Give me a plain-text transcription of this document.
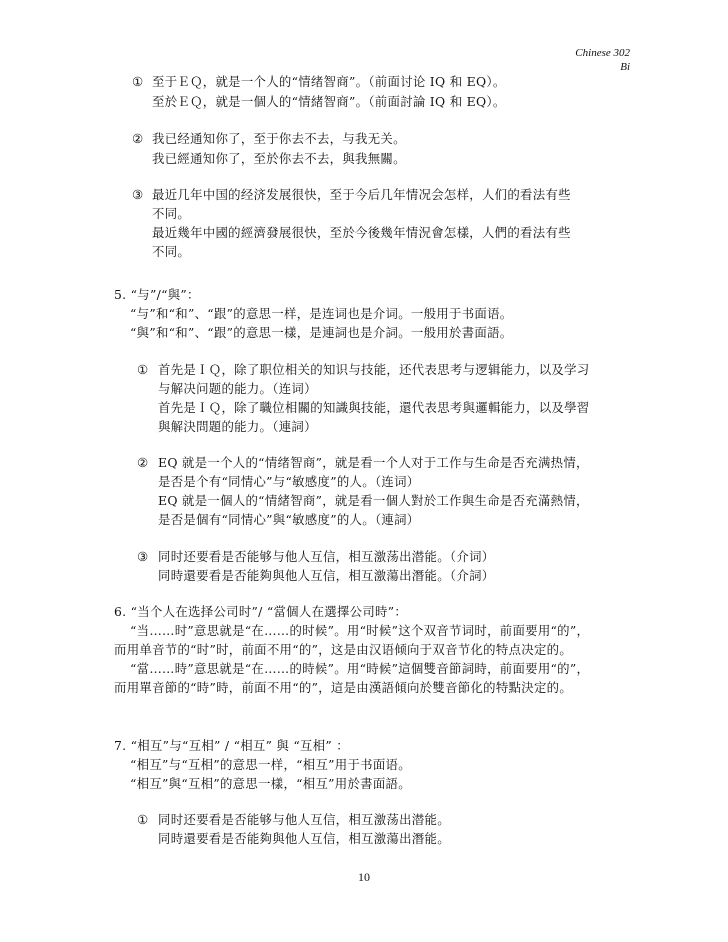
Chinese 302
Bi
① 至于ＥＱ，就是一个人的“情绪智商”。（前面讨论 IQ 和 EQ）。
至於ＥＱ，就是一個人的“情緒智商”。（前面討論 IQ 和 EQ）。
② 我已经通知你了，至于你去不去，与我无关。
我已經通知你了，至於你去不去，與我無關。
③ 最近几年中国的经济发展很快，至于今后几年情况会怎样，人们的看法有些
不同。
最近幾年中國的經濟發展很快，至於今後幾年情況會怎樣，人們的看法有些
不同。
5. “与”/“與”：
“与”和“和”、“跟”的意思一样，是连词也是介词。一般用于书面语。
“與”和“和”、“跟”的意思一樣，是連詞也是介詞。一般用於書面語。
① 首先是ＩＱ，除了职位相关的知识与技能，还代表思考与逻辑能力，以及学习
与解决问题的能力。（连词）
首先是ＩＱ，除了職位相關的知識與技能，還代表思考與邏輯能力，以及學習
與解決問題的能力。（連詞）
② EQ 就是一个人的“情绪智商”，就是看一个人对于工作与生命是否充满热情，
是否是个有“同情心”与“敏感度”的人。（连词）
EQ 就是一個人的“情緒智商”，就是看一個人對於工作與生命是否充滿熱情，
是否是個有“同情心”與“敏感度”的人。（連詞）
③ 同时还要看是否能够与他人互信，相互激荡出潜能。（介词）
同時還要看是否能夠與他人互信，相互激蕩出潛能。（介詞）
6. “当个人在选择公司时”/ “當個人在選擇公司時”：
“当……时”意思就是“在……的时候”。用“时候”这个双音节词时，前面要用“的”，
而用单音节的“时”时，前面不用“的”，这是由汉语倾向于双音节化的特点决定的。
“當……時”意思就是“在……的時候”。用“時候”這個雙音節詞時，前面要用“的”，
而用單音節的“時”時，前面不用“的”，這是由漢語傾向於雙音節化的特點決定的。
7. “相互”与“互相” / “相互” 與 “互相” ：
“相互”与“互相”的意思一样，“相互”用于书面语。
“相互”與“互相”的意思一樣，“相互”用於書面語。
① 同时还要看是否能够与他人互信，相互激荡出潜能。
同時還要看是否能夠與他人互信，相互激蕩出潛能。
10
